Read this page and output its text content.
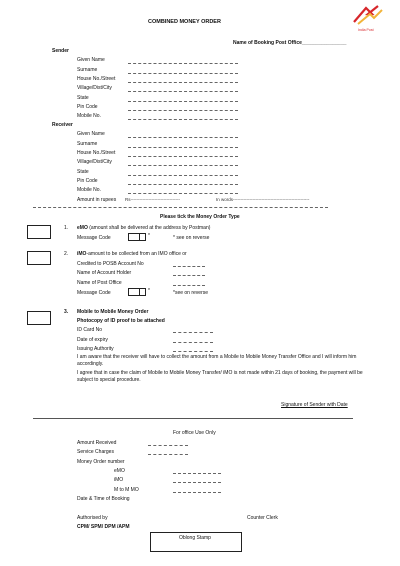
COMBINED MONEY ORDER
India Post
Name of Booking Post Office________________
Sender
Given Name
Surname
House No./Street
Village/Dist/City
State
Pin Code
Mobile No.
Receiver
Given Name
Surname
House No./Street
Village/Dist/City
State
Pin Code
Mobile No.
Amount in rupees Rs---------------------------------	In words---------------------------------------------------
Please tick the Money Order Type
1. eMO (amount shall be delivered at the address by Postman)
Message Code	*	* see on reverse
2. iMO-amount to be collected from an IMO office or
Credited to POSB Account No
Name of Account Holder
Name of Post Office
Message Code	*	*see on reverse
3. Mobile to Mobile Money Order
Photocopy of ID proof to be attached
ID Card No
Date of expiry
Issuing Authority
I am aware that the receiver will have to collect the amount from a Mobile to Mobile Money Transfer Office and I will inform him accordingly.
I agree that in case the claim of Mobile to Mobile Money Transfer/ iMO is not made within 21 days of booking, the payment will be subject to special procedure.
Signature of Sender with Date
For office Use Only
Amount Received
Service Charges
Money Order number
eMO
iMO
M to M MO
Date & Time of Booking
Authorised by	Counter Clerk
CPM/ SPM/ DPM /APM
Oblong Stamp
